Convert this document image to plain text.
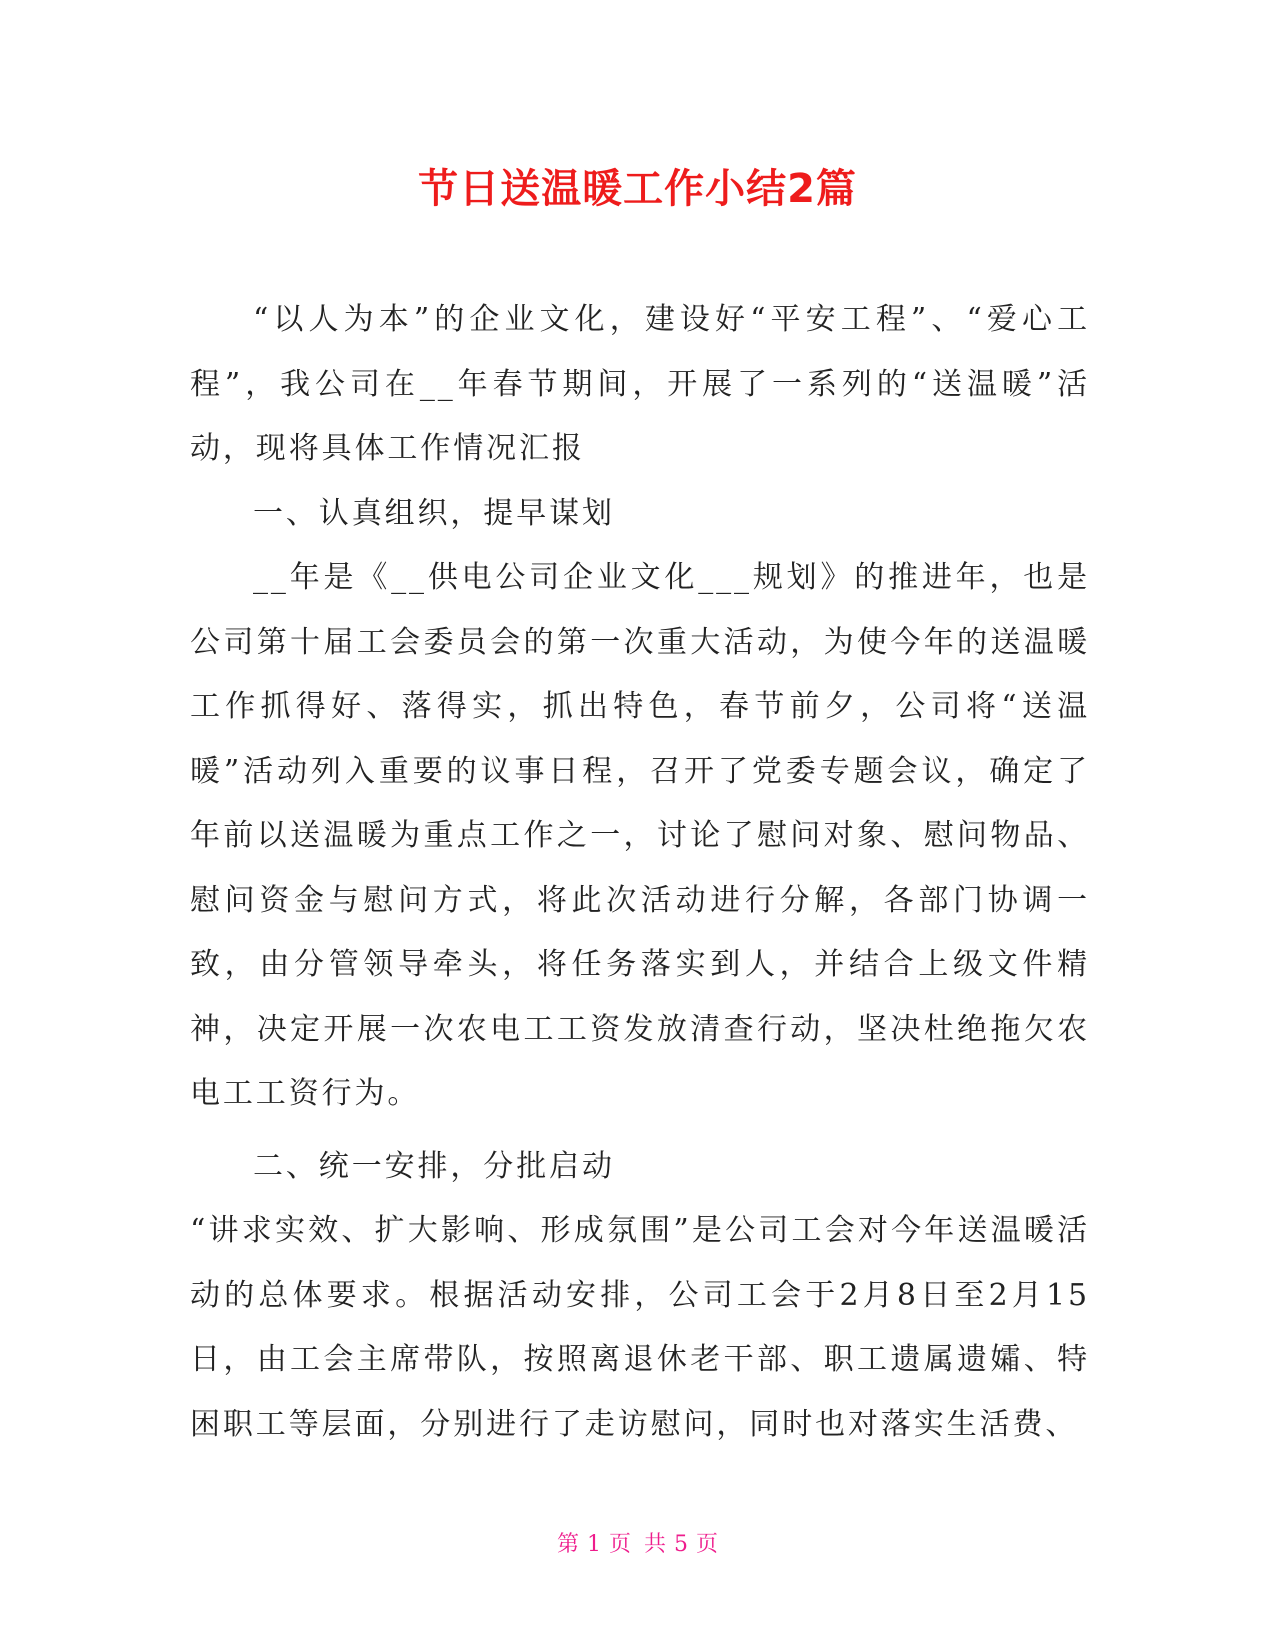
节日送温暖工作小结2篇

“以人为本”的企业文化，建设好“平安工程”、“爱心工程”，我公司在__年春节期间，开展了一系列的“送温暖”活动，现将具体工作情况汇报

一、认真组织，提早谋划

__年是《__供电公司企业文化___规划》的推进年，也是公司第十届工会委员会的第一次重大活动，为使今年的送温暖工作抓得好、落得实，抓出特色，春节前夕，公司将“送温暖”活动列入重要的议事日程，召开了党委专题会议，确定了年前以送温暖为重点工作之一，讨论了慰问对象、慰问物品、慰问资金与慰问方式，将此次活动进行分解，各部门协调一致，由分管领导牵头，将任务落实到人，并结合上级文件精神，决定开展一次农电工工资发放清查行动，坚决杜绝拖欠农电工工资行为。

二、统一安排，分批启动

“讲求实效、扩大影响、形成氛围”是公司工会对今年送温暖活动的总体要求。根据活动安排，公司工会于2月8日至2月15日，由工会主席带队，按照离退休老干部、职工遗属遗孀、特困职工等层面，分别进行了走访慰问，同时也对落实生活费、

第 1 页 共 5 页
